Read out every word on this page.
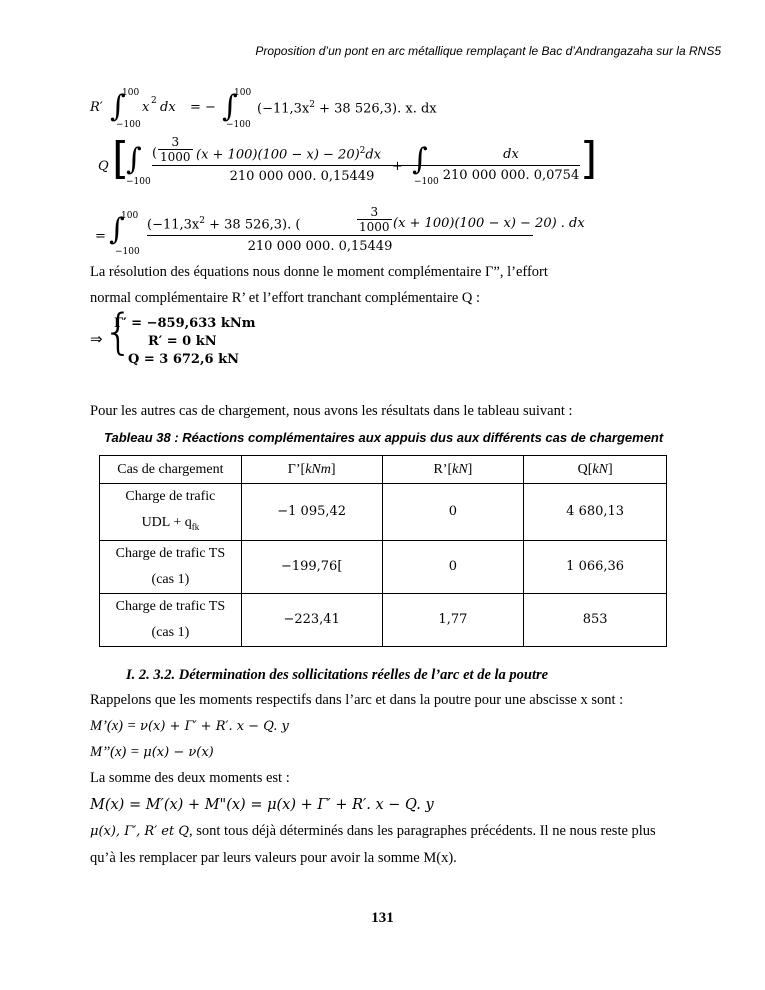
Proposition d’un pont en arc métallique remplaçant le Bac d’Andrangazaha sur la RNS5
R′ ∫
100
−100
x 2 dx = − ∫
100
−100
($-11,3x^2 + 38$ 526,3). x. dx
Q [
∫
−100
( $\frac{3}{1000} (x + 100)(100 - x) - 20)^2dx$
210 000 000. 0,15449
+ ∫
$-100 \frac{dx}{210 000 000. 0,0754}$ ]
= ∫
100
−100
($-11,3x^2 + 38$ 526,3). (	$\frac{3}{1000} (x + 100)(100 - x) - 20$) . dx
210 000 000. 0,15449
La résolution des équations nous donne le moment complémentaire Γ”, l’effort
normal complémentaire R’ et l’effort tranchant complémentaire Q :
⇒ {
Γ′ = −859,633 kNm
R′ = 0 kN
Q = 3 672,6 kN
Pour les autres cas de chargement, nous avons les résultats dans le tableau suivant :
Tableau 38 : Réactions complémentaires aux appuis dus aux différents cas de chargement
Cas de chargement	Γ’[kNm]	R’[kN]	Q[kN]
Charge de trafic
UDL + $q_{fk}$	−1 095,42	0	4 680,13
Charge de trafic TS
(cas 1)	−199,76[	0	1 066,36
Charge de trafic TS
(cas 1)	−223,41	1,77	853
I. 2. 3.2. Détermination des sollicitations réelles de l’arc et de la poutre
Rappelons que les moments respectifs dans l’arc et dans la poutre pour une abscisse x sont :
M’(x) = ν(x) + Γ′ + R′. x − Q. y
M’’(x) = μ(x) − ν(x)
La somme des deux moments est :
M(x) = M′(x) + M"(x) = μ(x) + Γ′ + R′. x − Q. y
μ(x), Γ′, R′ et Q, sont tous déjà déterminés dans les paragraphes précédents. Il ne nous reste plus
qu’à les remplacer par leurs valeurs pour avoir la somme M(x).
131
